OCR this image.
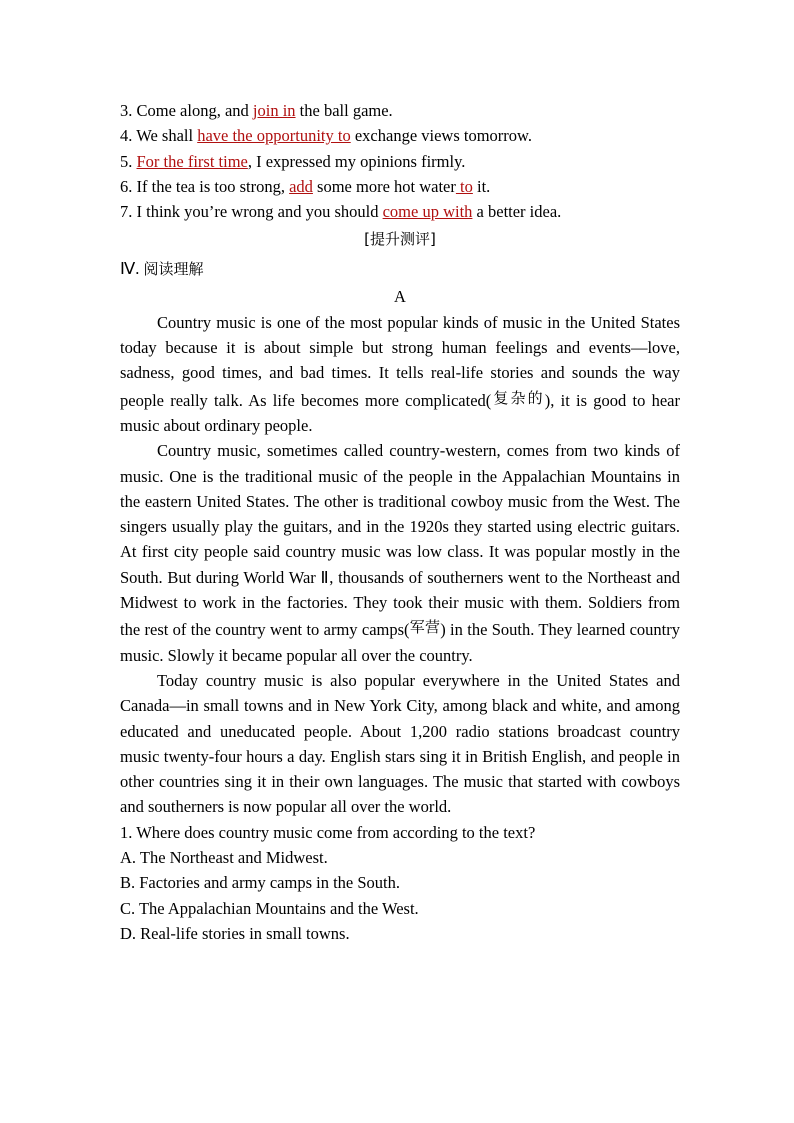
3. Come along, and join in the ball game.
4. We shall have the opportunity to exchange views tomorrow.
5. For the first time, I expressed my opinions firmly.
6. If the tea is too strong, add some more hot water to it.
7. I think you’re wrong and you should come up with a better idea.
[提升测评]
Ⅳ. 阅读理解
A

Country music is one of the most popular kinds of music in the United States today because it is about simple but strong human feelings and events—love, sadness, good times, and bad times. It tells real-life stories and sounds the way people really talk. As life becomes more complicated(复杂的), it is good to hear music about ordinary people.

Country music, sometimes called country-western, comes from two kinds of music. One is the traditional music of the people in the Appalachian Mountains in the eastern United States. The other is traditional cowboy music from the West. The singers usually play the guitars, and in the 1920s they started using electric guitars. At first city people said country music was low class. It was popular mostly in the South. But during World War Ⅱ, thousands of southerners went to the Northeast and Midwest to work in the factories. They took their music with them. Soldiers from the rest of the country went to army camps(军营) in the South. They learned country music. Slowly it became popular all over the country.

Today country music is also popular everywhere in the United States and Canada—in small towns and in New York City, among black and white, and among educated and uneducated people. About 1,200 radio stations broadcast country music twenty-four hours a day. English stars sing it in British English, and people in other countries sing it in their own languages. The music that started with cowboys and southerners is now popular all over the world.

1. Where does country music come from according to the text?
A. The Northeast and Midwest.
B. Factories and army camps in the South.
C. The Appalachian Mountains and the West.
D. Real-life stories in small towns.
